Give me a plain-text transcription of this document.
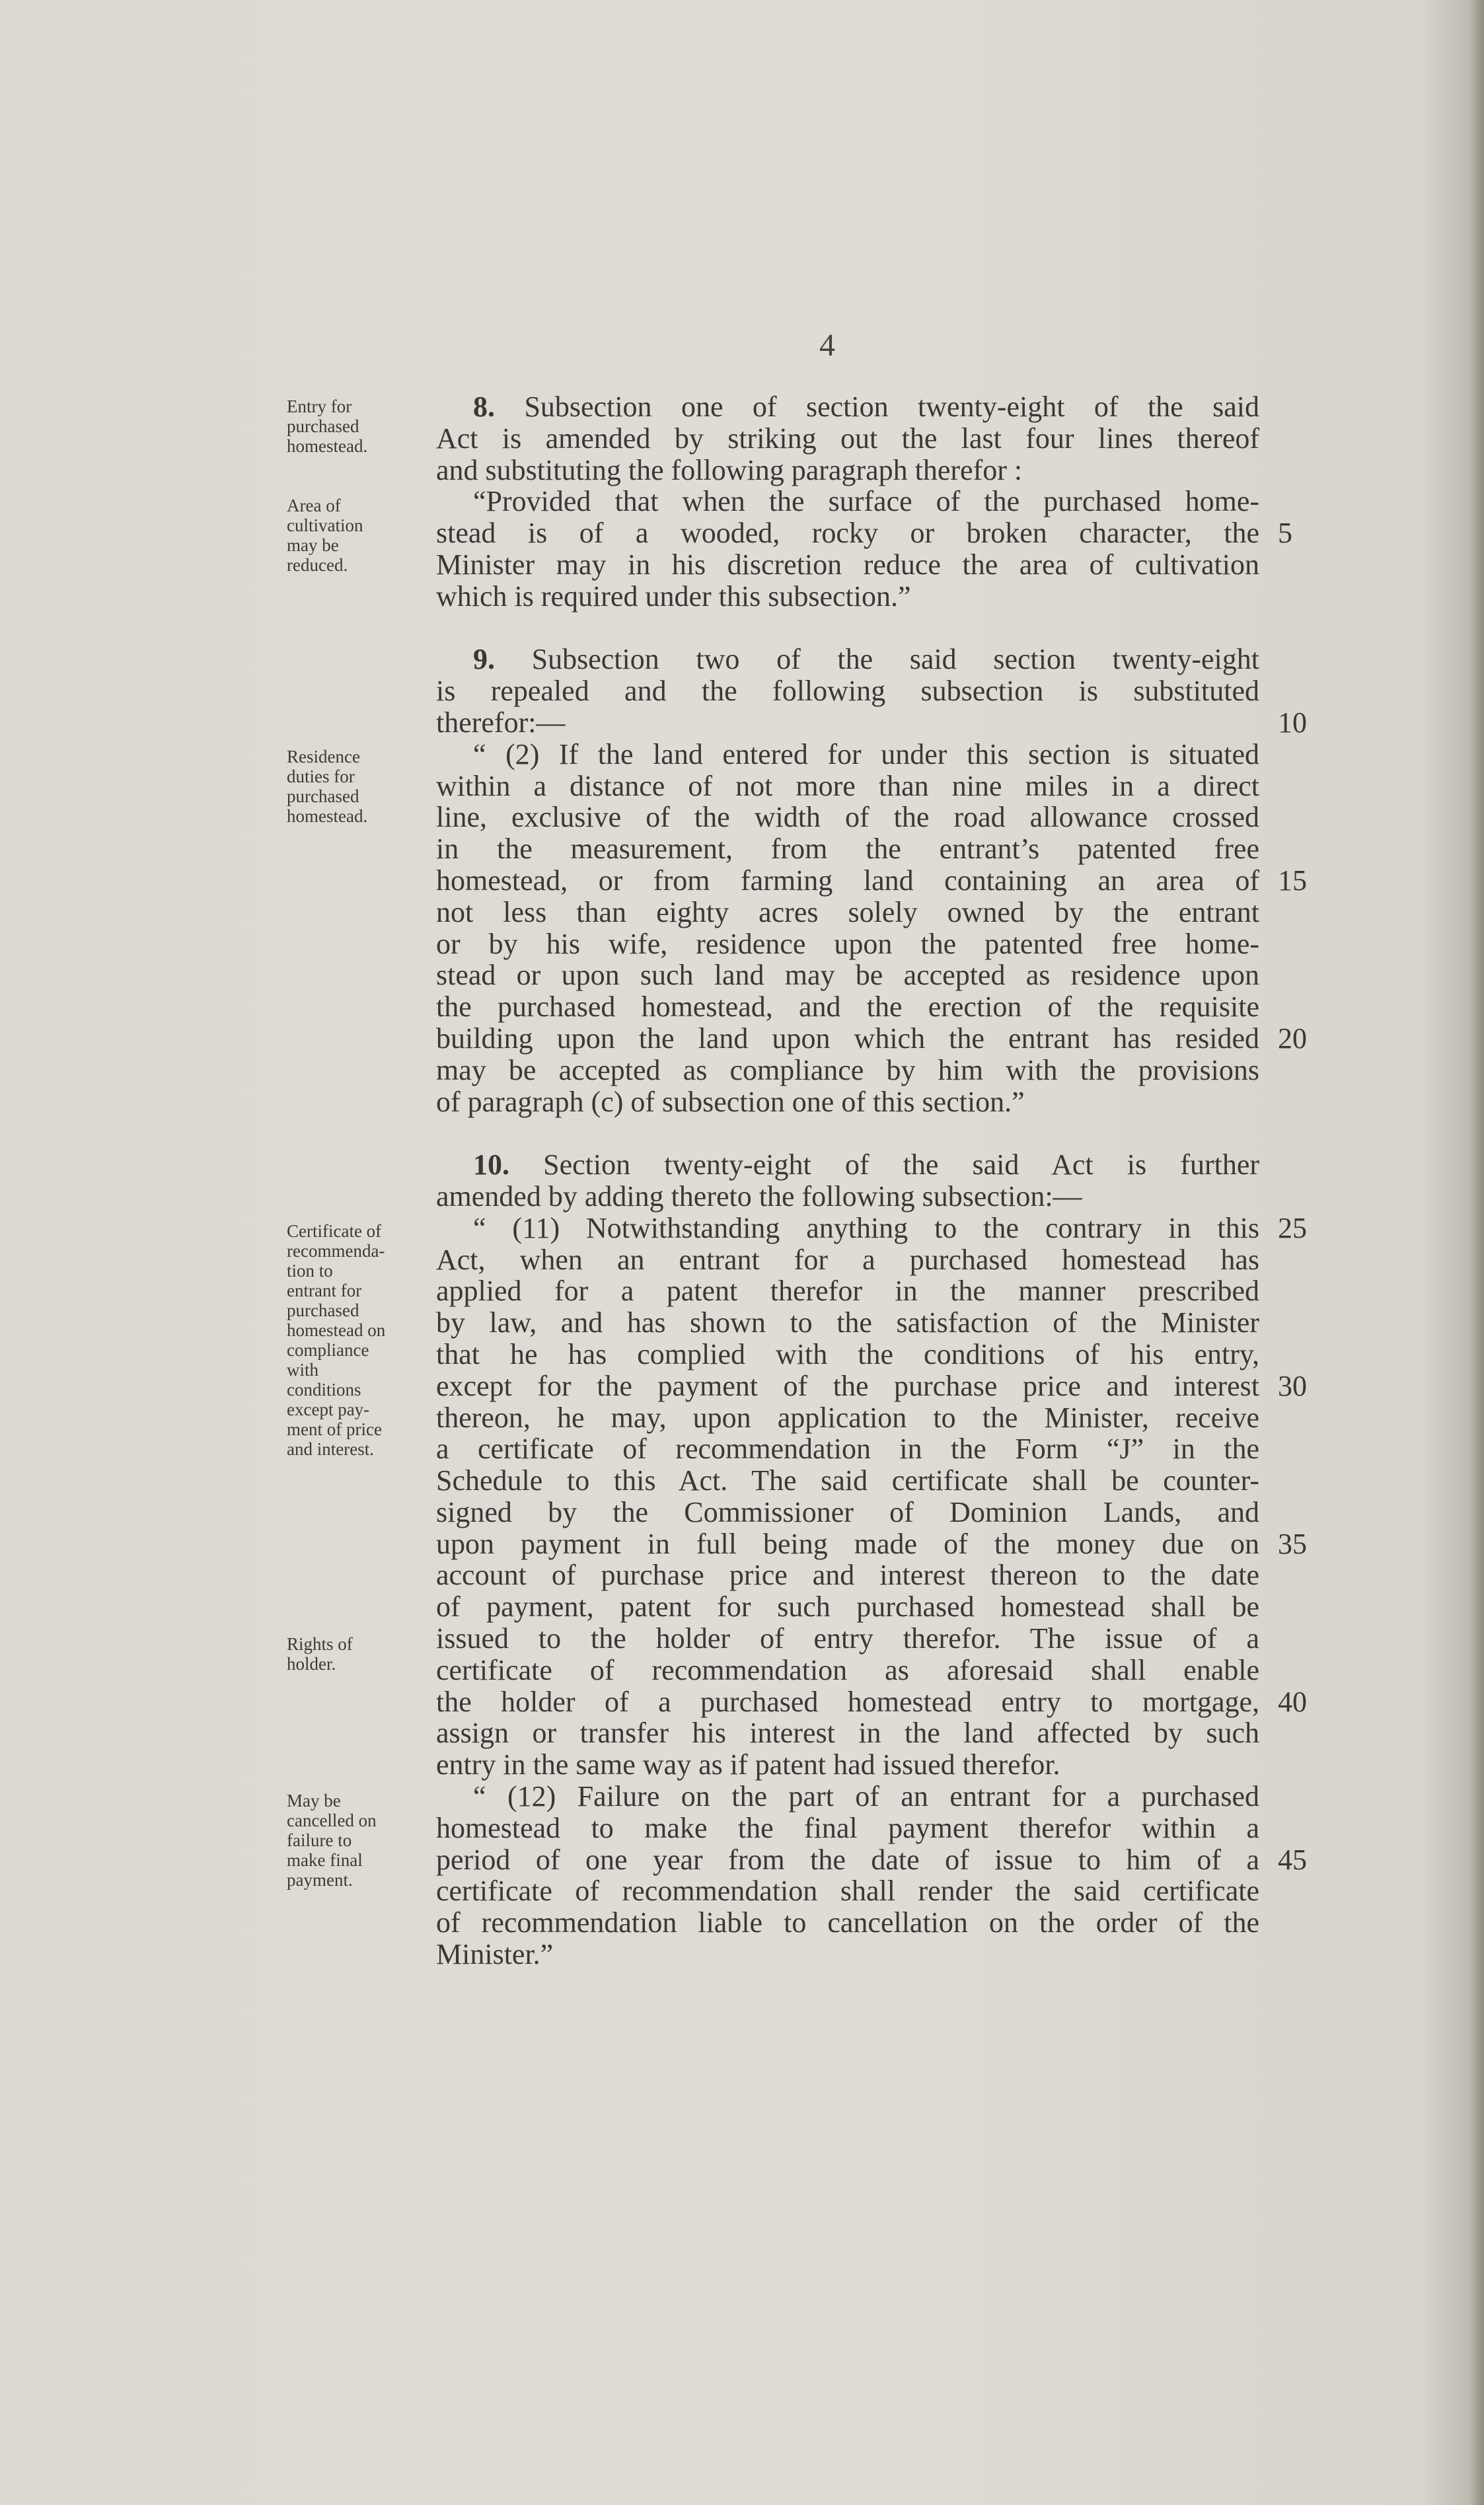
4
Entry for
purchased
homestead.
Area of
cultivation
may be
reduced.
Residence
duties for
purchased
homestead.
Certificate of
recommenda-
tion to
entrant for
purchased
homestead on
compliance
with
conditions
except pay-
ment of price
and interest.
Rights of
holder.
May be
cancelled on
failure to
make final
payment.
8. Subsection one of section twenty-eight of the said
Act is amended by striking out the last four lines thereof
and substituting the following paragraph therefor :
“Provided that when the surface of the purchased home-
stead is of a wooded, rocky or broken character, the
Minister may in his discretion reduce the area of cultivation
which is required under this subsection.”
9. Subsection two of the said section twenty-eight
is repealed and the following subsection is substituted
therefor:—
“ (2) If the land entered for under this section is situated
within a distance of not more than nine miles in a direct
line, exclusive of the width of the road allowance crossed
in the measurement, from the entrant’s patented free
homestead, or from farming land containing an area of
not less than eighty acres solely owned by the entrant
or by his wife, residence upon the patented free home-
stead or upon such land may be accepted as residence upon
the purchased homestead, and the erection of the requisite
building upon the land upon which the entrant has resided
may be accepted as compliance by him with the provisions
of paragraph (c) of subsection one of this section.”
10. Section twenty-eight of the said Act is further
amended by adding thereto the following subsection:—
“ (11) Notwithstanding anything to the contrary in this
Act, when an entrant for a purchased homestead has
applied for a patent therefor in the manner prescribed
by law, and has shown to the satisfaction of the Minister
that he has complied with the conditions of his entry,
except for the payment of the purchase price and interest
thereon, he may, upon application to the Minister, receive
a certificate of recommendation in the Form “J” in the
Schedule to this Act. The said certificate shall be counter-
signed by the Commissioner of Dominion Lands, and
upon payment in full being made of the money due on
account of purchase price and interest thereon to the date
of payment, patent for such purchased homestead shall be
issued to the holder of entry therefor. The issue of a
certificate of recommendation as aforesaid shall enable
the holder of a purchased homestead entry to mortgage,
assign or transfer his interest in the land affected by such
entry in the same way as if patent had issued therefor.
“ (12) Failure on the part of an entrant for a purchased
homestead to make the final payment therefor within a
period of one year from the date of issue to him of a
certificate of recommendation shall render the said certificate
of recommendation liable to cancellation on the order of the
Minister.”
5
10
15
20
25
30
35
40
45
